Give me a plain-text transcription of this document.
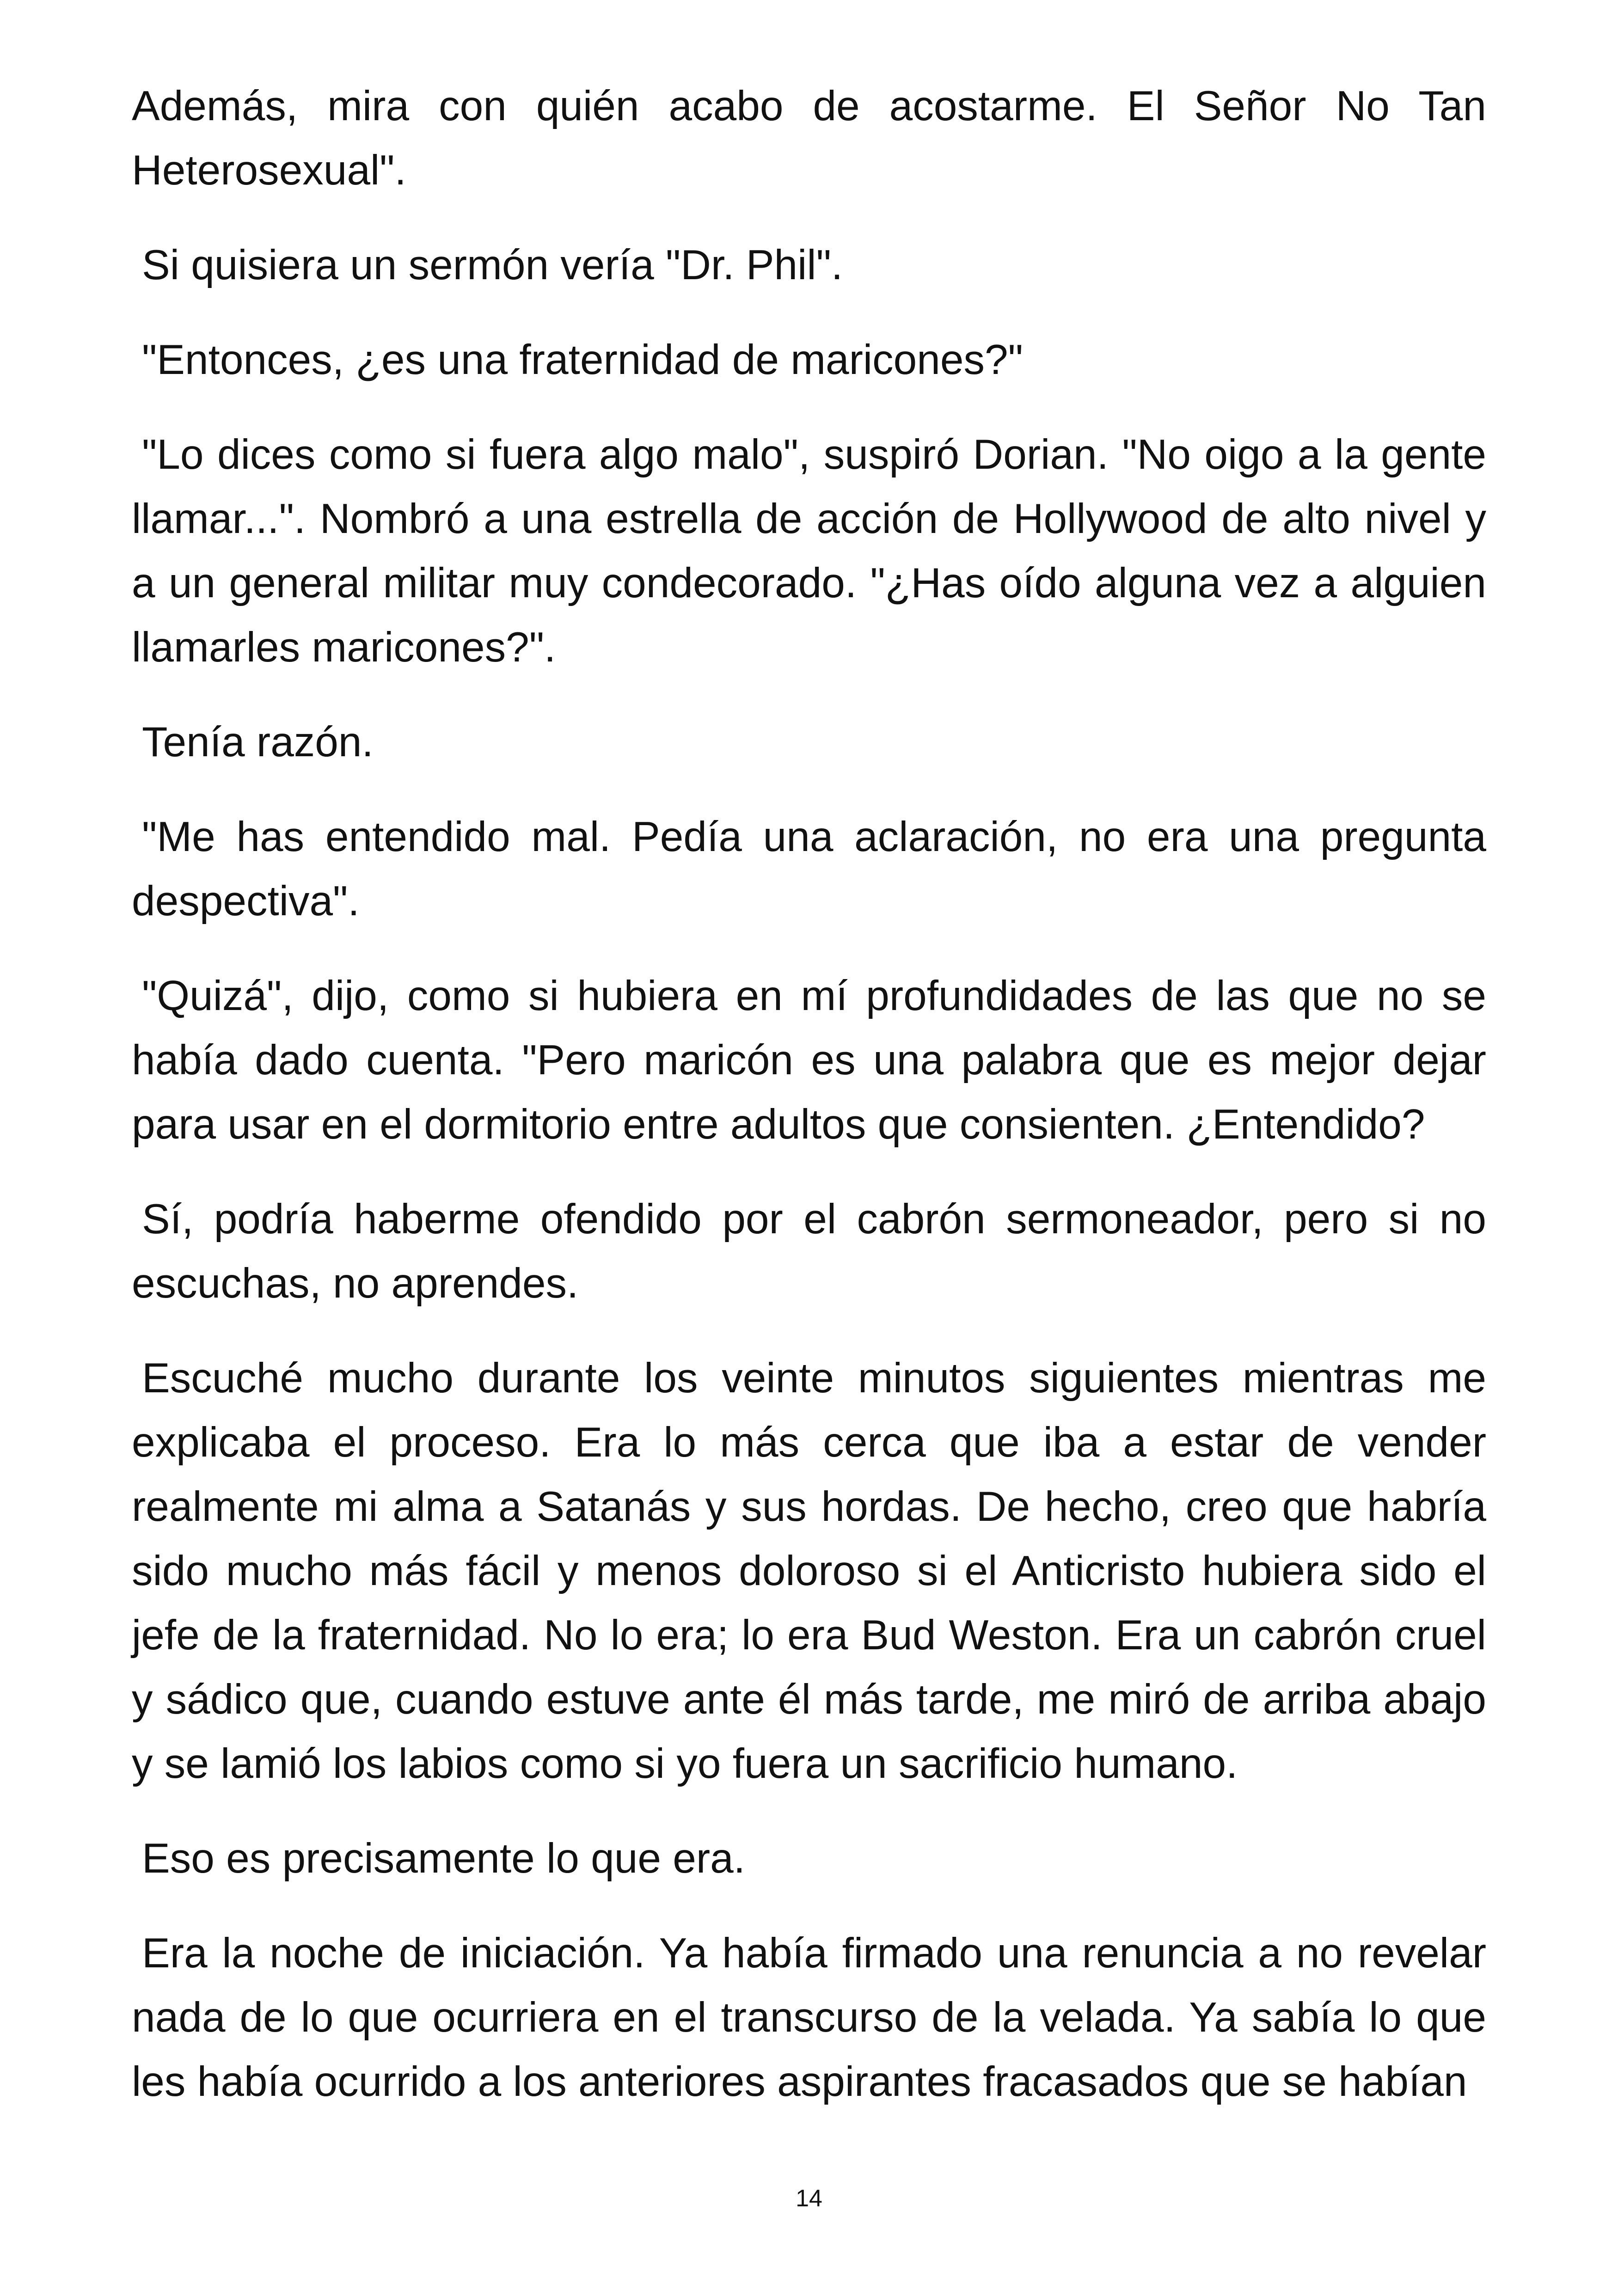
Además, mira con quién acabo de acostarme. El Señor No Tan Heterosexual".

Si quisiera un sermón vería "Dr. Phil".

"Entonces, ¿es una fraternidad de maricones?"

"Lo dices como si fuera algo malo", suspiró Dorian. "No oigo a la gente llamar...". Nombró a una estrella de acción de Hollywood de alto nivel y a un general militar muy condecorado. "¿Has oído alguna vez a alguien llamarles maricones?".

Tenía razón.

"Me has entendido mal. Pedía una aclaración, no era una pregunta despectiva".

"Quizá", dijo, como si hubiera en mí profundidades de las que no se había dado cuenta. "Pero maricón es una palabra que es mejor dejar para usar en el dormitorio entre adultos que consienten. ¿Entendido?

Sí, podría haberme ofendido por el cabrón sermoneador, pero si no escuchas, no aprendes.

Escuché mucho durante los veinte minutos siguientes mientras me explicaba el proceso. Era lo más cerca que iba a estar de vender realmente mi alma a Satanás y sus hordas. De hecho, creo que habría sido mucho más fácil y menos doloroso si el Anticristo hubiera sido el jefe de la fraternidad. No lo era; lo era Bud Weston. Era un cabrón cruel y sádico que, cuando estuve ante él más tarde, me miró de arriba abajo y se lamió los labios como si yo fuera un sacrificio humano.

Eso es precisamente lo que era.

Era la noche de iniciación. Ya había firmado una renuncia a no revelar nada de lo que ocurriera en el transcurso de la velada. Ya sabía lo que les había ocurrido a los anteriores aspirantes fracasados que se habían

14
